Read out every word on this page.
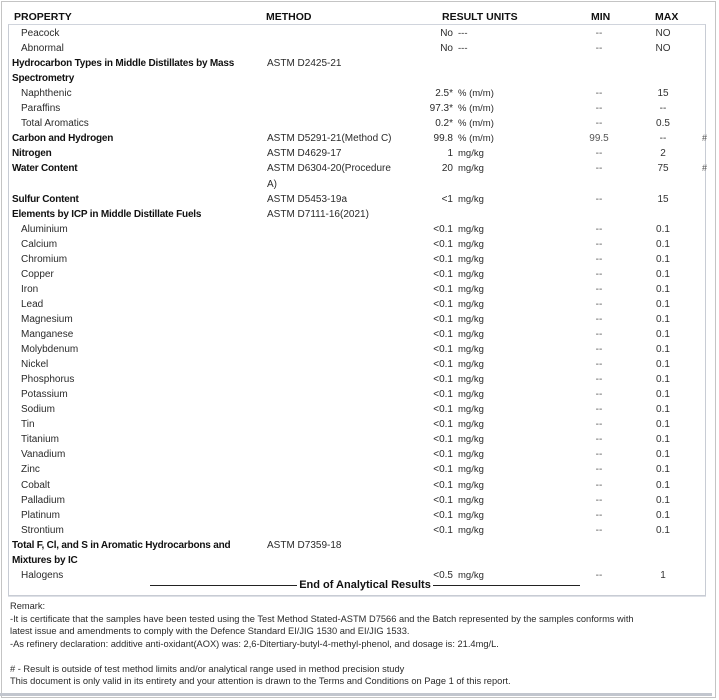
PROPERTY	METHOD	RESULT UNITS	MIN	MAX
Peacock	No ---	--	NO
Abnormal	No ---	--	NO
Hydrocarbon Types in Middle Distillates by Mass	ASTM D2425-21
Spectrometry
Naphthenic	2.5* % (m/m)	--	15
Paraffins	97.3* % (m/m)	--	--
Total Aromatics	0.2* % (m/m)	--	0.5
Carbon and Hydrogen	ASTM D5291-21(Method C)	99.8 % (m/m)	99.5	--	#
Nitrogen	ASTM D4629-17	1 mg/kg	--	2
Water Content	ASTM D6304-20(Procedure	20 mg/kg	--	75	#
A)
Sulfur Content	ASTM D5453-19a	<1 mg/kg	--	15
Elements by ICP in Middle Distillate Fuels	ASTM D7111-16(2021)
Aluminium	<0.1 mg/kg	--	0.1
Calcium	<0.1 mg/kg	--	0.1
Chromium	<0.1 mg/kg	--	0.1
Copper	<0.1 mg/kg	--	0.1
Iron	<0.1 mg/kg	--	0.1
Lead	<0.1 mg/kg	--	0.1
Magnesium	<0.1 mg/kg	--	0.1
Manganese	<0.1 mg/kg	--	0.1
Molybdenum	<0.1 mg/kg	--	0.1
Nickel	<0.1 mg/kg	--	0.1
Phosphorus	<0.1 mg/kg	--	0.1
Potassium	<0.1 mg/kg	--	0.1
Sodium	<0.1 mg/kg	--	0.1
Tin	<0.1 mg/kg	--	0.1
Titanium	<0.1 mg/kg	--	0.1
Vanadium	<0.1 mg/kg	--	0.1
Zinc	<0.1 mg/kg	--	0.1
Cobalt	<0.1 mg/kg	--	0.1
Palladium	<0.1 mg/kg	--	0.1
Platinum	<0.1 mg/kg	--	0.1
Strontium	<0.1 mg/kg	--	0.1
Total F, Cl, and S in Aromatic Hydrocarbons and	ASTM D7359-18
Mixtures by IC
Halogens	<0.5 mg/kg	--	1
End of Analytical Results
Remark:
-It is certificate that the samples have been tested using the Test Method Stated-ASTM D7566 and the Batch represented by the samples conforms with
latest issue and amendments to comply with the Defence Standard EI/JIG 1530 and EI/JIG 1533.
-As refinery declaration: additive anti-oxidant(AOX) was: 2,6-Ditertiary-butyl-4-methyl-phenol, and dosage is: 21.4mg/L.
# - Result is outside of test method limits and/or analytical range used in method precision study
This document is only valid in its entirety and your attention is drawn to the Terms and Conditions on Page 1 of this report.
